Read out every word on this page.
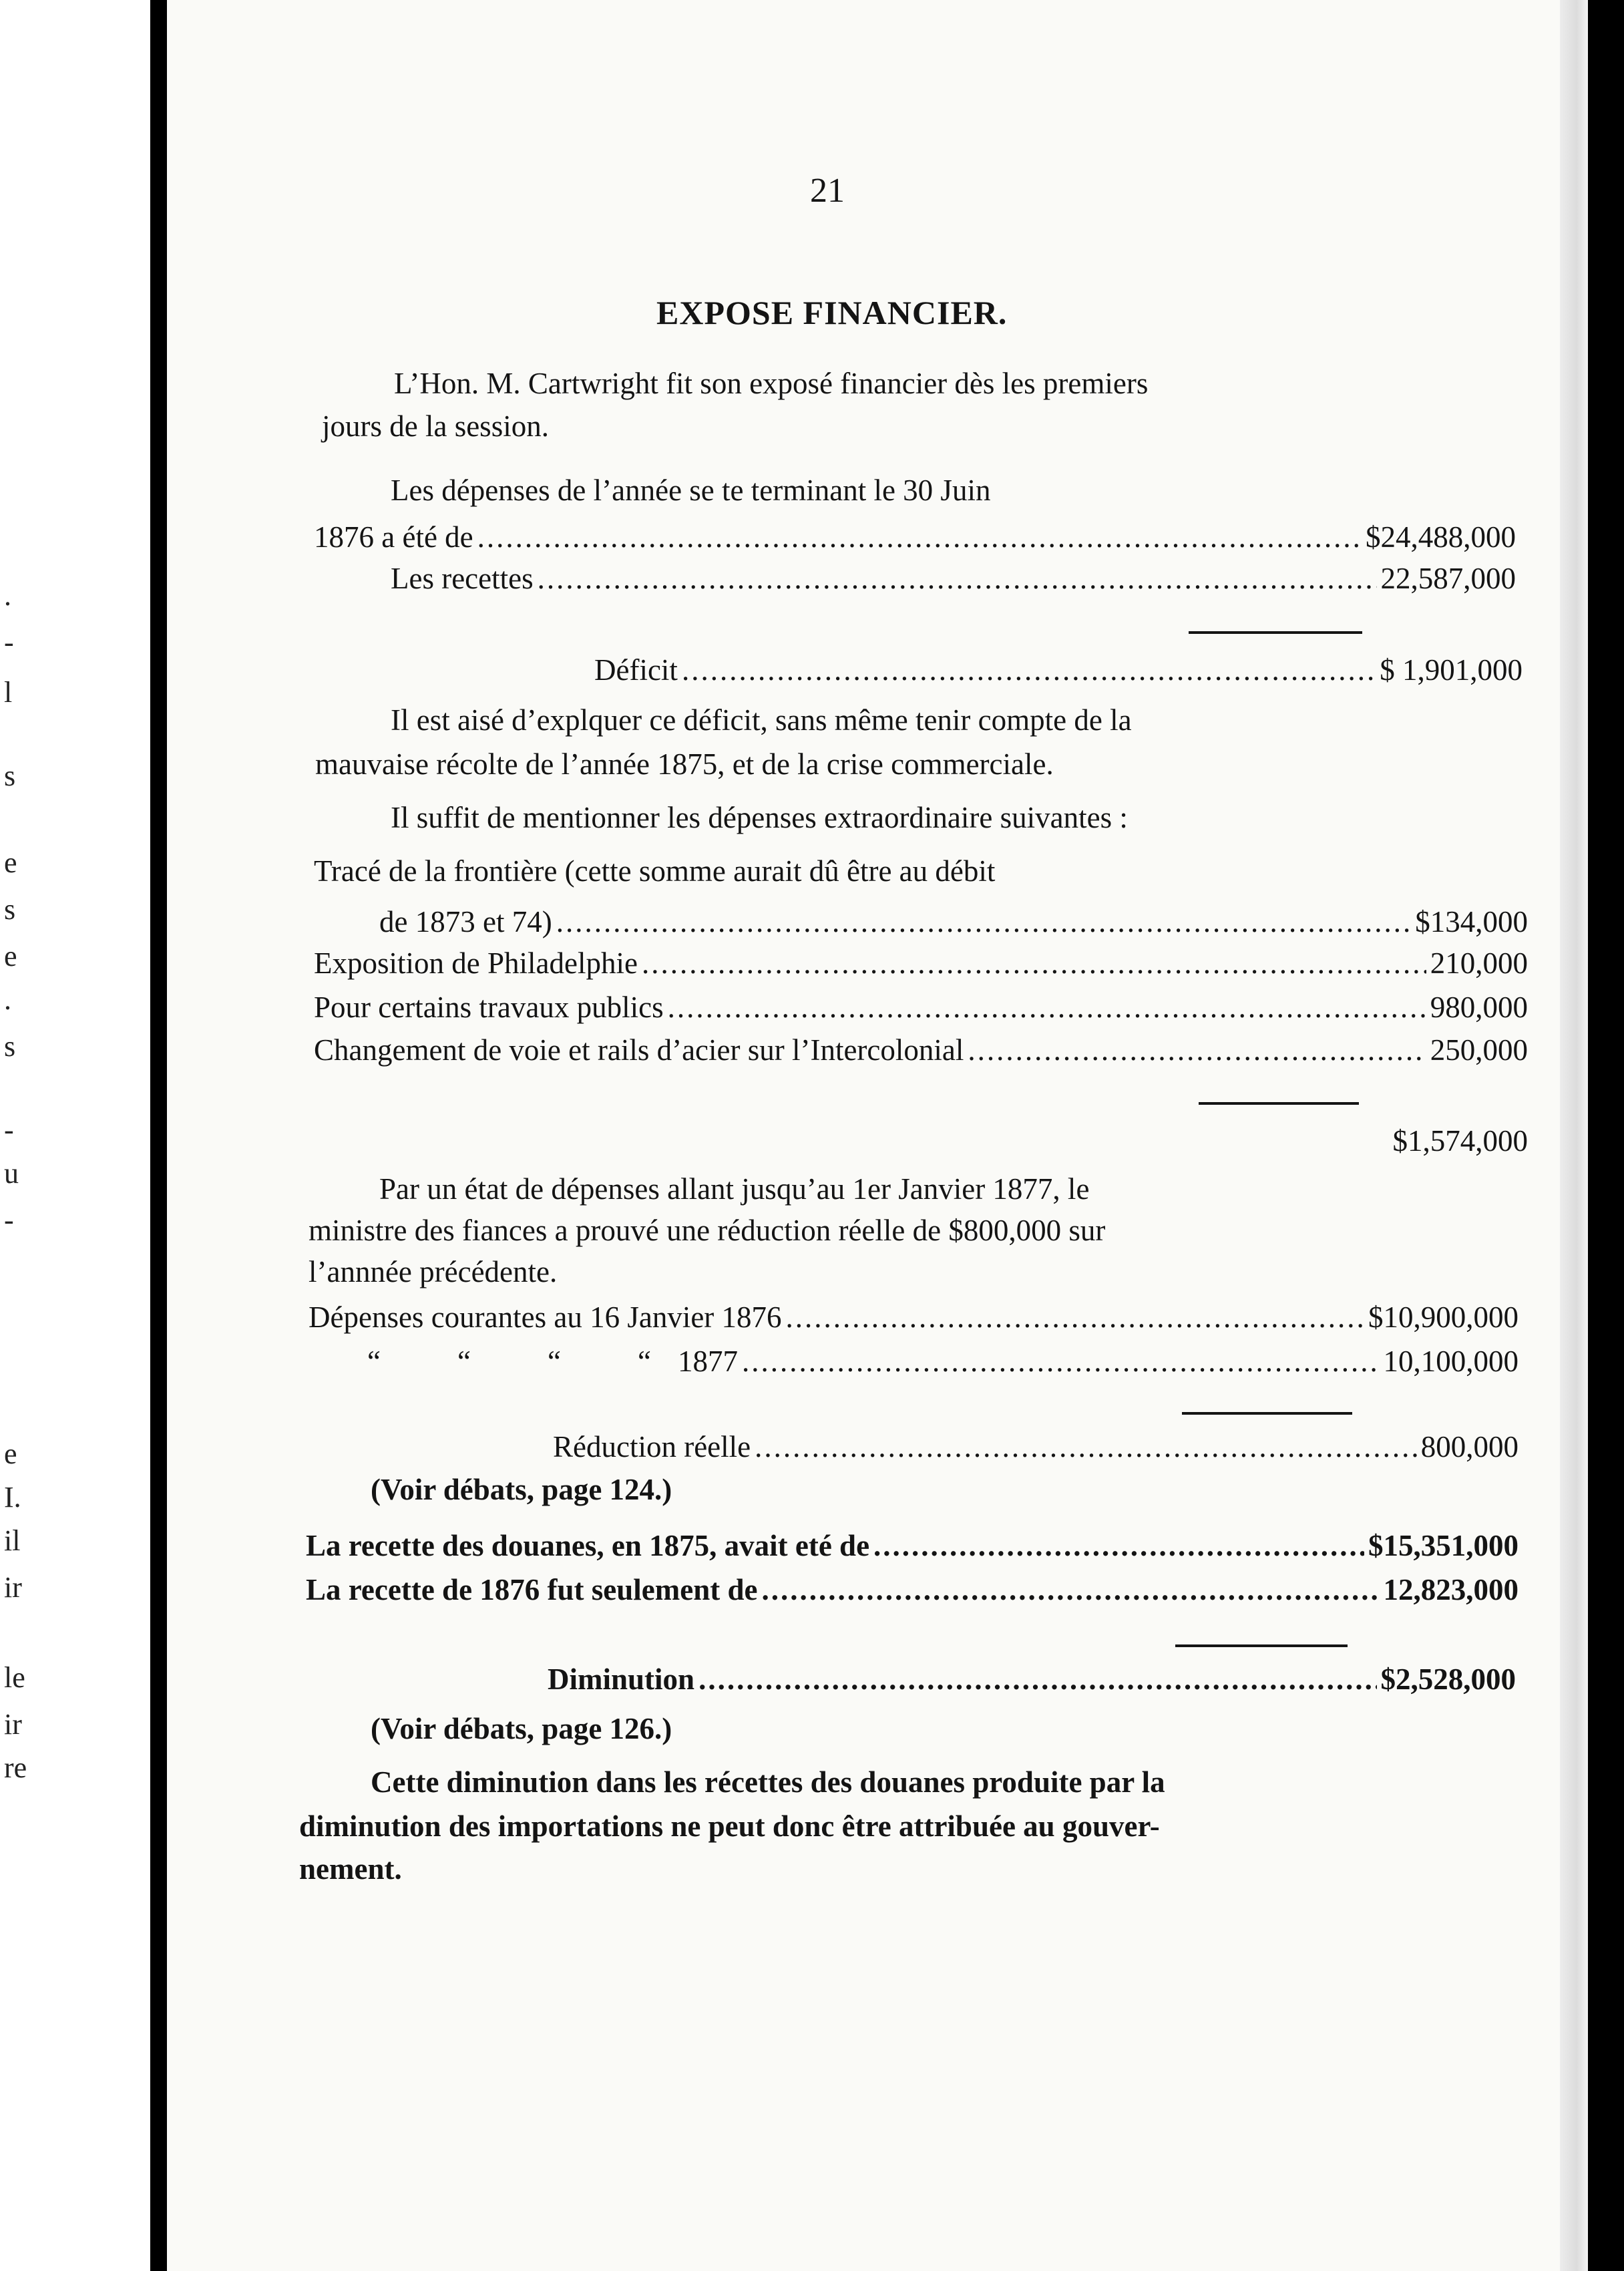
.
-
l
s
e
s
e
.
s
-
u
-
e
I.
il
ir
le
ir
re
21
EXPOSE FINANCIER.
L’Hon. M. Cartwright fit son exposé financier dès les premiers
jours de la session.
Les dépenses de l’année se te terminant le 30 Juin
1876 a été de .....	$24,488,000
Les recettes .....	22,587,000
Déficit .....	$ 1,901,000
Il est aisé d’explquer ce déficit, sans même tenir compte de la
mauvaise récolte de l’année 1875, et de la crise commerciale.
Il suffit de mentionner les dépenses extraordinaire suivantes :
Tracé de la frontière (cette somme aurait dû être au débit
de 1873 et 74) .....	$134,000
Exposition de Philadelphie .....	210,000
Pour certains travaux publics .....	980,000
Changement de voie et rails d’acier sur l’Intercolonial .....	250,000
$1,574,000
Par un état de dépenses allant jusqu’au 1er Janvier 1877, le
ministre des fiances a prouvé une réduction réelle de $800,000 sur
l’annnée précédente.
Dépenses courantes au 16 Janvier 1876 .....	$10,900,000
“	“	“	“ 1877 .....	10,100,000
Réduction réelle .....	800,000
(Voir débats, page 124.)
La recette des douanes, en 1875, avait eté de .....	$15,351,000
La recette de 1876 fut seulement de .....	12,823,000
Diminution .....	$2,528,000
(Voir débats, page 126.)
Cette diminution dans les récettes des douanes produite par la
diminution des importations ne peut donc être attribuée au gouver-
nement.
